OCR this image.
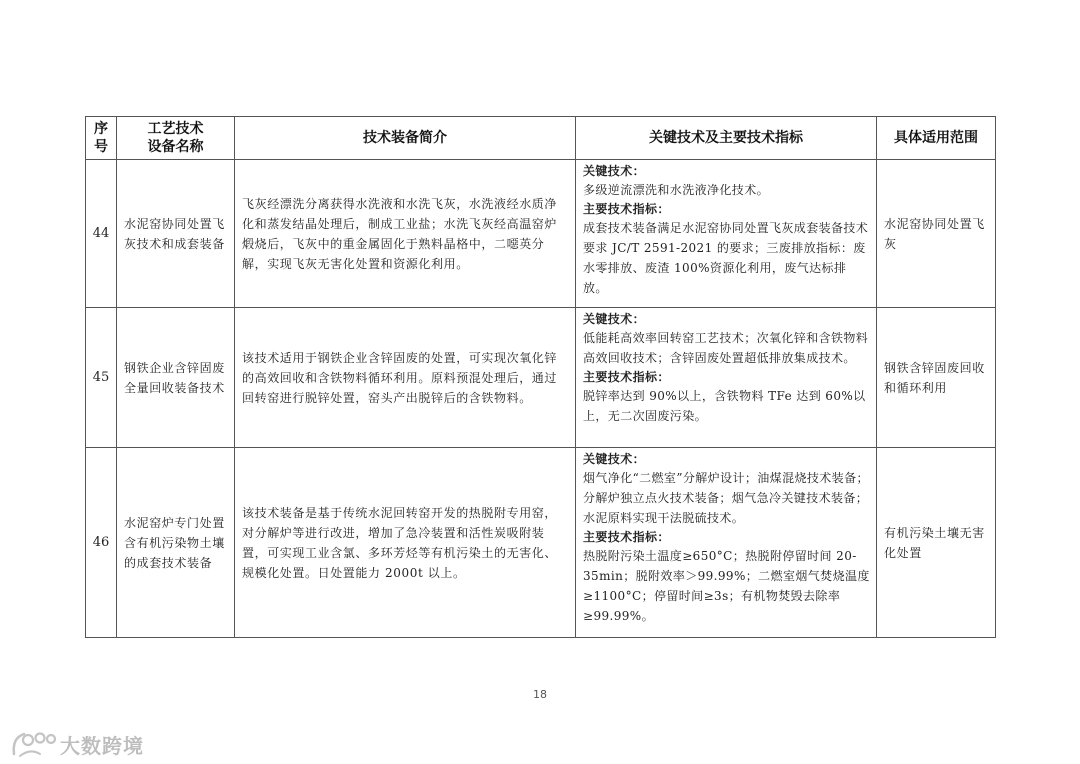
序号	工艺技术设备名称	技术装备简介	关键技术及主要技术指标	具体适用范围
44	水泥窑协同处置飞灰技术和成套装备	飞灰经漂洗分离获得水洗液和水洗飞灰，水洗液经水质净化和蒸发结晶处理后，制成工业盐；水洗飞灰经高温窑炉煅烧后，飞灰中的重金属固化于熟料晶格中，二噁英分解，实现飞灰无害化处置和资源化利用。	关键技术：
多级逆流漂洗和水洗液净化技术。
主要技术指标：
成套技术装备满足水泥窑协同处置飞灰成套装备技术要求 JC/T 2591-2021 的要求；三废排放指标：废水零排放、废渣 100%资源化利用，废气达标排放。	水泥窑协同处置飞灰
45	钢铁企业含锌固废全量回收装备技术	该技术适用于钢铁企业含锌固废的处置，可实现次氧化锌的高效回收和含铁物料循环利用。原料预混处理后，通过回转窑进行脱锌处置，窑头产出脱锌后的含铁物料。	关键技术：
低能耗高效率回转窑工艺技术；次氧化锌和含铁物料高效回收技术；含锌固废处置超低排放集成技术。
主要技术指标：
脱锌率达到 90%以上，含铁物料 TFe 达到 60%以上，无二次固废污染。	钢铁含锌固废回收和循环利用
46	水泥窑炉专门处置含有机污染物土壤的成套技术装备	该技术装备是基于传统水泥回转窑开发的热脱附专用窑，对分解炉等进行改进，增加了急冷装置和活性炭吸附装置，可实现工业含氯、多环芳烃等有机污染土的无害化、规模化处置。日处置能力 2000t 以上。	关键技术：
烟气净化“二燃室”分解炉设计；油煤混烧技术装备；分解炉独立点火技术装备；烟气急冷关键技术装备；水泥原料实现干法脱硫技术。
主要技术指标：
热脱附污染土温度≥650°C；热脱附停留时间 20-35min；脱附效率＞99.99%；二燃室烟气焚烧温度≥1100°C；停留时间≥3s；有机物焚毁去除率≥99.99%。	有机污染土壤无害化处置
18
大数跨境
